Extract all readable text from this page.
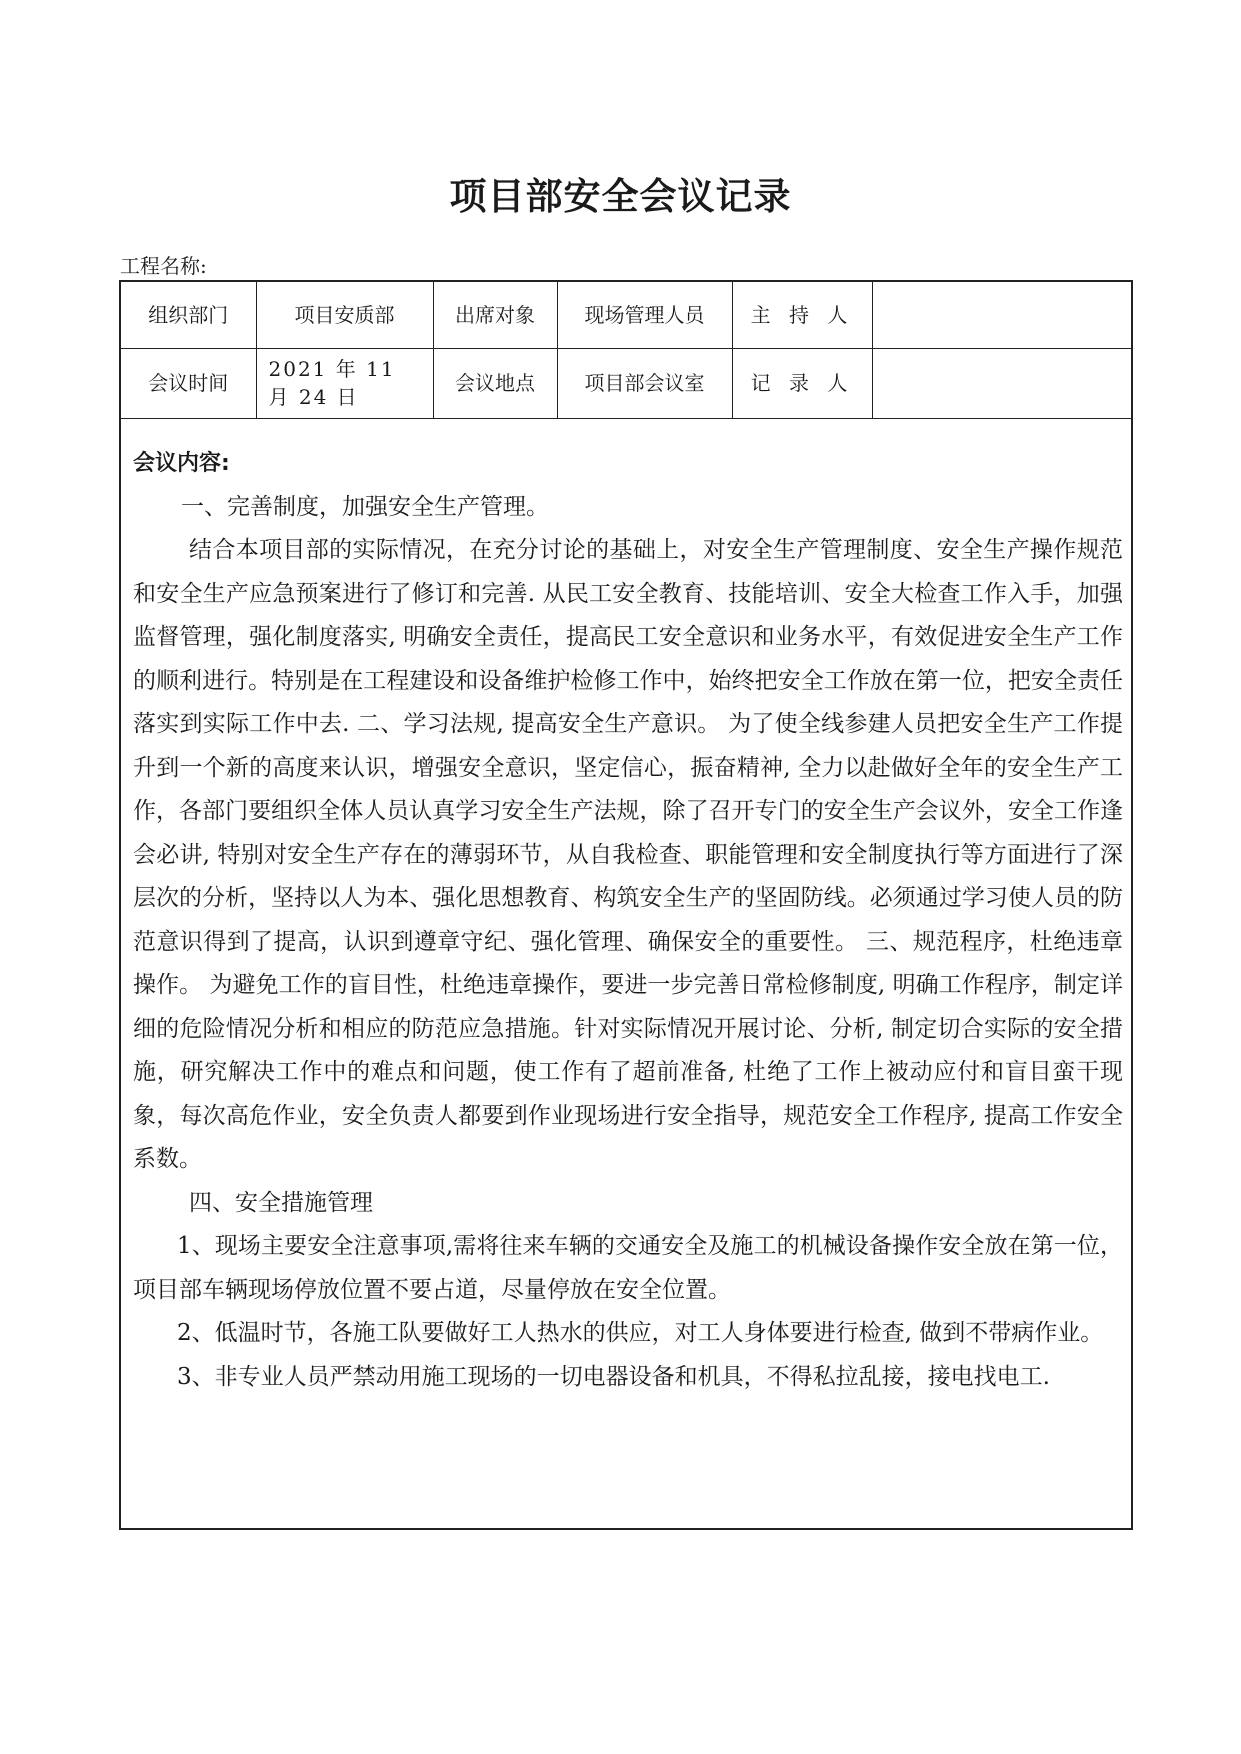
项目部安全会议记录
工程名称:
组织部门	项目安质部	出席对象	现场管理人员	主 持 人	
会议时间	2021 年 11 月 24 日	会议地点	项目部会议室	记 录 人	

会议内容:

一、完善制度，加强安全生产管理。

结合本项目部的实际情况，在充分讨论的基础上，对安全生产管理制度、安全生产操作规范和安全生产应急预案进行了修订和完善. 从民工安全教育、技能培训、安全大检查工作入手，加强监督管理，强化制度落实, 明确安全责任，提高民工安全意识和业务水平，有效促进安全生产工作的顺利进行。特别是在工程建设和设备维护检修工作中，始终把安全工作放在第一位，把安全责任落实到实际工作中去. 二、学习法规, 提高安全生产意识。 为了使全线参建人员把安全生产工作提升到一个新的高度来认识，增强安全意识，坚定信心，振奋精神, 全力以赴做好全年的安全生产工作，各部门要组织全体人员认真学习安全生产法规，除了召开专门的安全生产会议外，安全工作逢会必讲, 特别对安全生产存在的薄弱环节，从自我检查、职能管理和安全制度执行等方面进行了深层次的分析，坚持以人为本、强化思想教育、构筑安全生产的坚固防线。必须通过学习使人员的防范意识得到了提高，认识到遵章守纪、强化管理、确保安全的重要性。 三、规范程序，杜绝违章操作。 为避免工作的盲目性，杜绝违章操作，要进一步完善日常检修制度, 明确工作程序，制定详细的危险情况分析和相应的防范应急措施。针对实际情况开展讨论、分析, 制定切合实际的安全措施，研究解决工作中的难点和问题，使工作有了超前准备, 杜绝了工作上被动应付和盲目蛮干现象，每次高危作业，安全负责人都要到作业现场进行安全指导，规范安全工作程序, 提高工作安全系数。

四、安全措施管理

1、现场主要安全注意事项,需将往来车辆的交通安全及施工的机械设备操作安全放在第一位，项目部车辆现场停放位置不要占道，尽量停放在安全位置。

2、低温时节，各施工队要做好工人热水的供应，对工人身体要进行检查, 做到不带病作业。

3、非专业人员严禁动用施工现场的一切电器设备和机具，不得私拉乱接，接电找电工.
